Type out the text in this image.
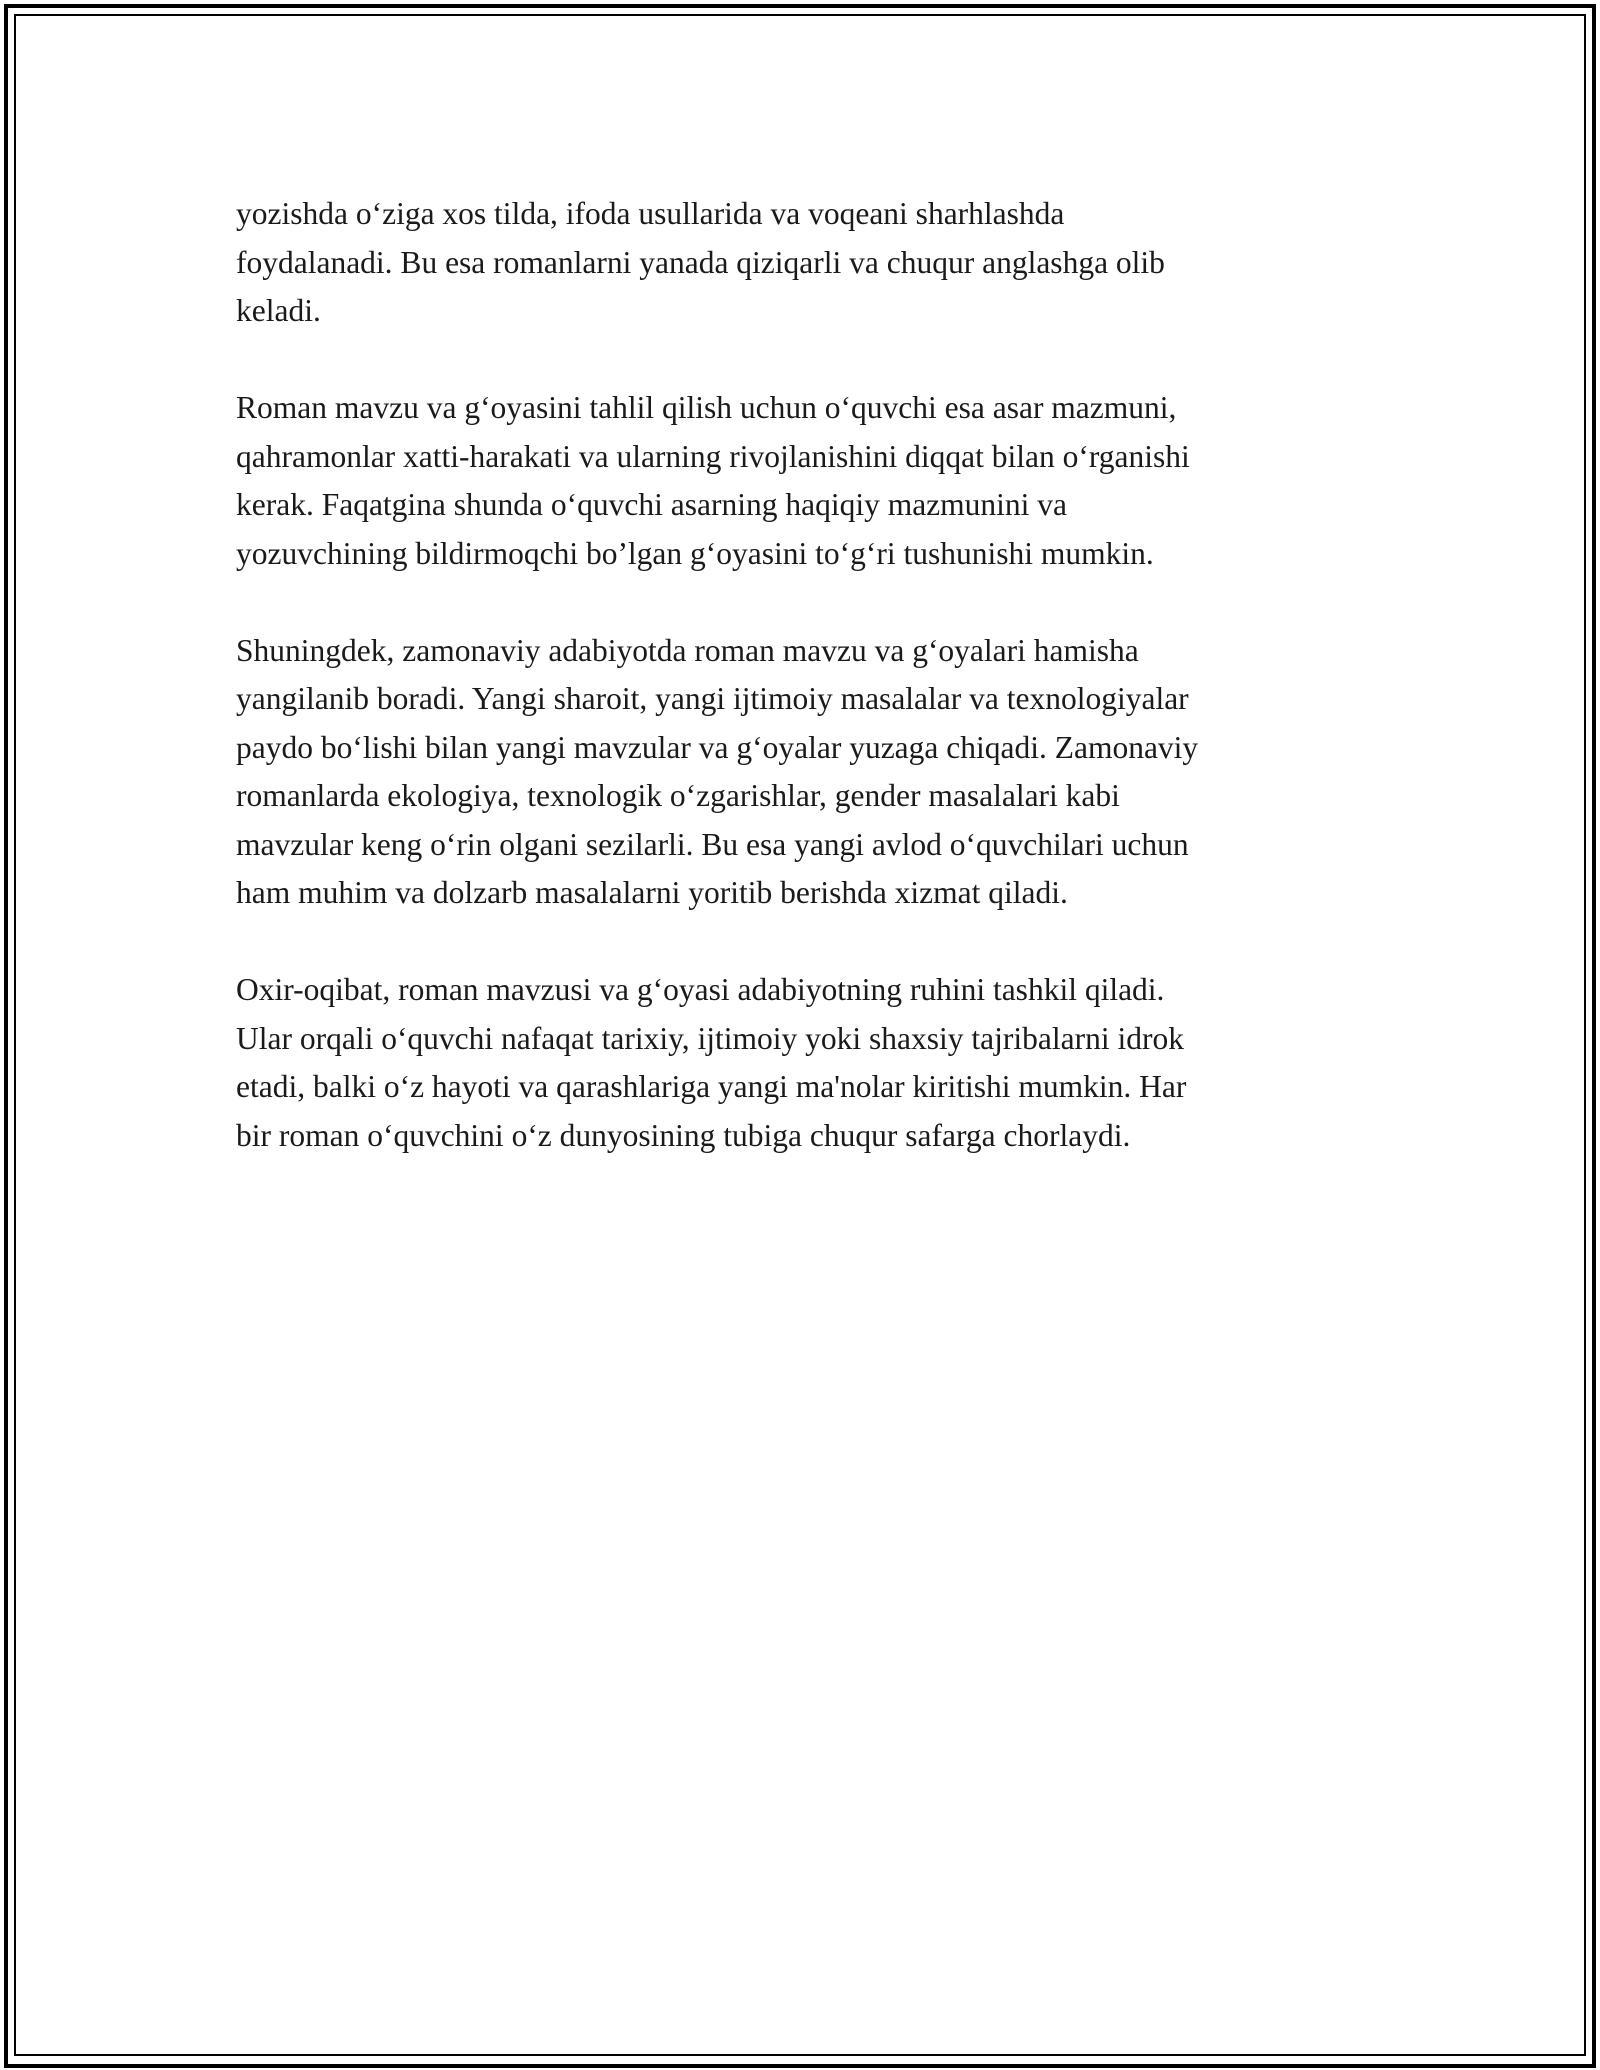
yozishda o‘ziga xos tilda, ifoda usullarida va voqeani sharhlashda
foydalanadi. Bu esa romanlarni yanada qiziqarli va chuqur anglashga olib
keladi.

Roman mavzu va g‘oyasini tahlil qilish uchun o‘quvchi esa asar mazmuni,
qahramonlar xatti-harakati va ularning rivojlanishini diqqat bilan o‘rganishi
kerak. Faqatgina shunda o‘quvchi asarning haqiqiy mazmunini va
yozuvchining bildirmoqchi bo’lgan g‘oyasini to‘g‘ri tushunishi mumkin.

Shuningdek, zamonaviy adabiyotda roman mavzu va g‘oyalari hamisha
yangilanib boradi. Yangi sharoit, yangi ijtimoiy masalalar va texnologiyalar
paydo bo‘lishi bilan yangi mavzular va g‘oyalar yuzaga chiqadi. Zamonaviy
romanlarda ekologiya, texnologik o‘zgarishlar, gender masalalari kabi
mavzular keng o‘rin olgani sezilarli. Bu esa yangi avlod o‘quvchilari uchun
ham muhim va dolzarb masalalarni yoritib berishda xizmat qiladi.

Oxir-oqibat, roman mavzusi va g‘oyasi adabiyotning ruhini tashkil qiladi.
Ular orqali o‘quvchi nafaqat tarixiy, ijtimoiy yoki shaxsiy tajribalarni idrok
etadi, balki o‘z hayoti va qarashlariga yangi ma'nolar kiritishi mumkin. Har
bir roman o‘quvchini o‘z dunyosining tubiga chuqur safarga chorlaydi.
